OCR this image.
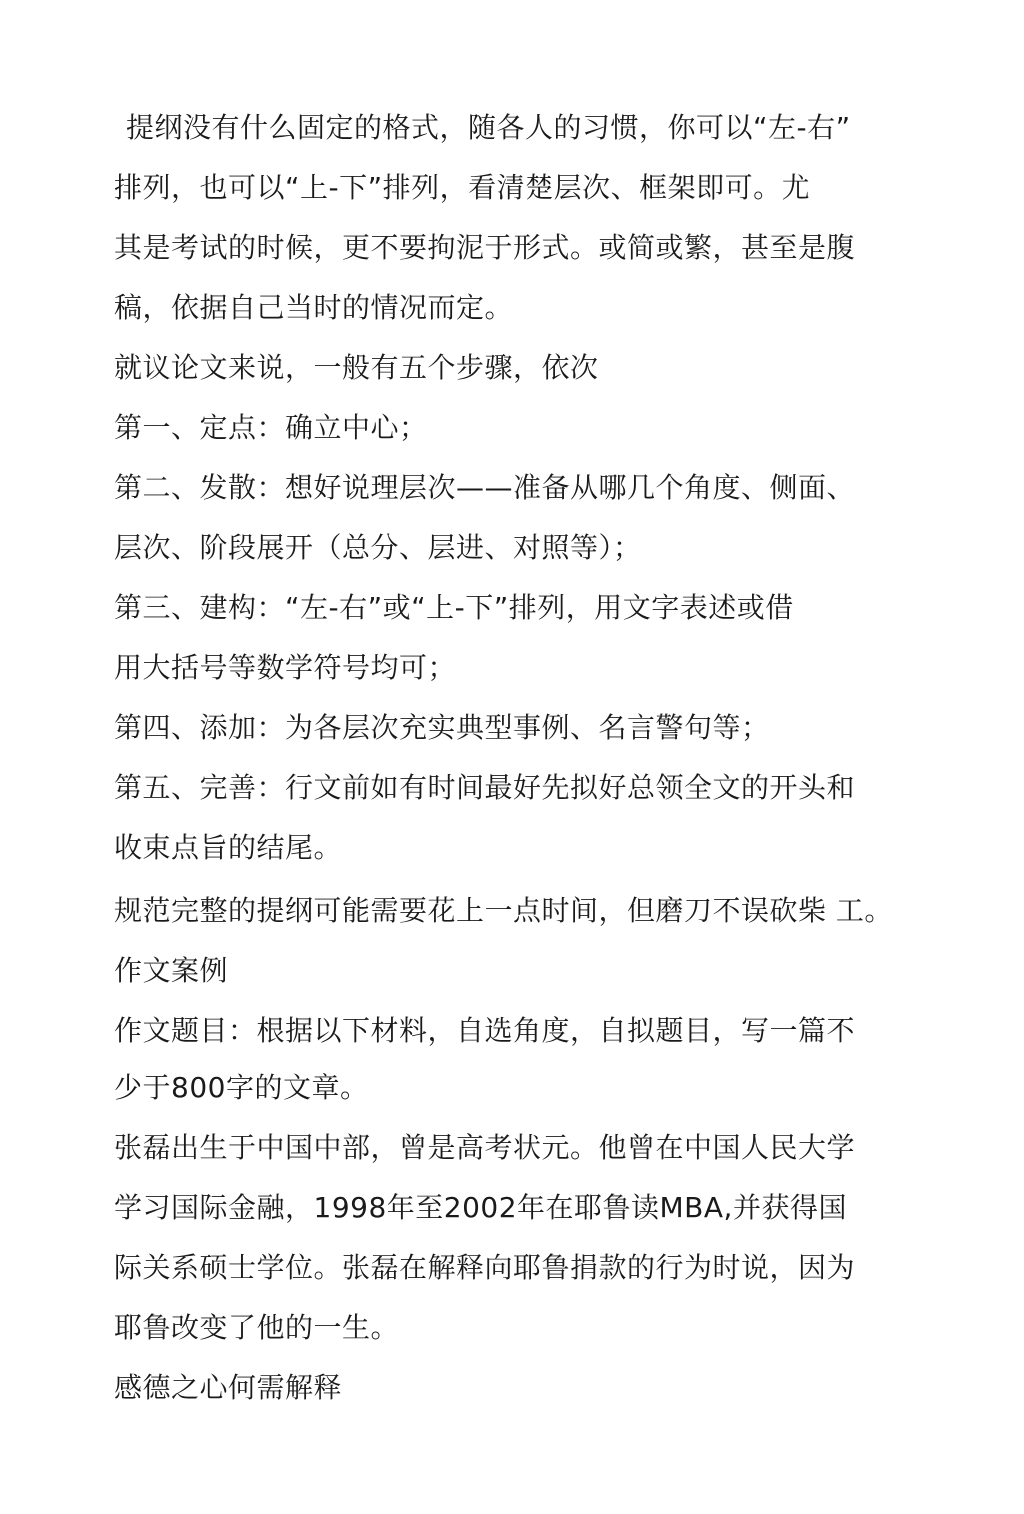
提纲没有什么固定的格式，随各人的习惯，你可以“左-右”

排列，也可以“上-下”排列，看清楚层次、框架即可。尤

其是考试的时候，更不要拘泥于形式。或简或繁，甚至是腹

稿，依据自己当时的情况而定。

就议论文来说，一般有五个步骤，依次

第一、定点：确立中心；

第二、发散：想好说理层次——准备从哪几个角度、侧面、

层次、阶段展开（总分、层进、对照等）；

第三、建构：“左-右”或“上-下”排列，用文字表述或借

用大括号等数学符号均可；

第四、添加：为各层次充实典型事例、名言警句等；

第五、完善：行文前如有时间最好先拟好总领全文的开头和

收束点旨的结尾。

规范完整的提纲可能需要花上一点时间，但磨刀不误砍柴 工。

作文案例

作文题目：根据以下材料，自选角度，自拟题目，写一篇不

少于800字的文章。

张磊出生于中国中部，曾是高考状元。他曾在中国人民大学

学习国际金融，1998年至2002年在耶鲁读MBA,并获得国

际关系硕士学位。张磊在解释向耶鲁捐款的行为时说，因为

耶鲁改变了他的一生。

感德之心何需解释
